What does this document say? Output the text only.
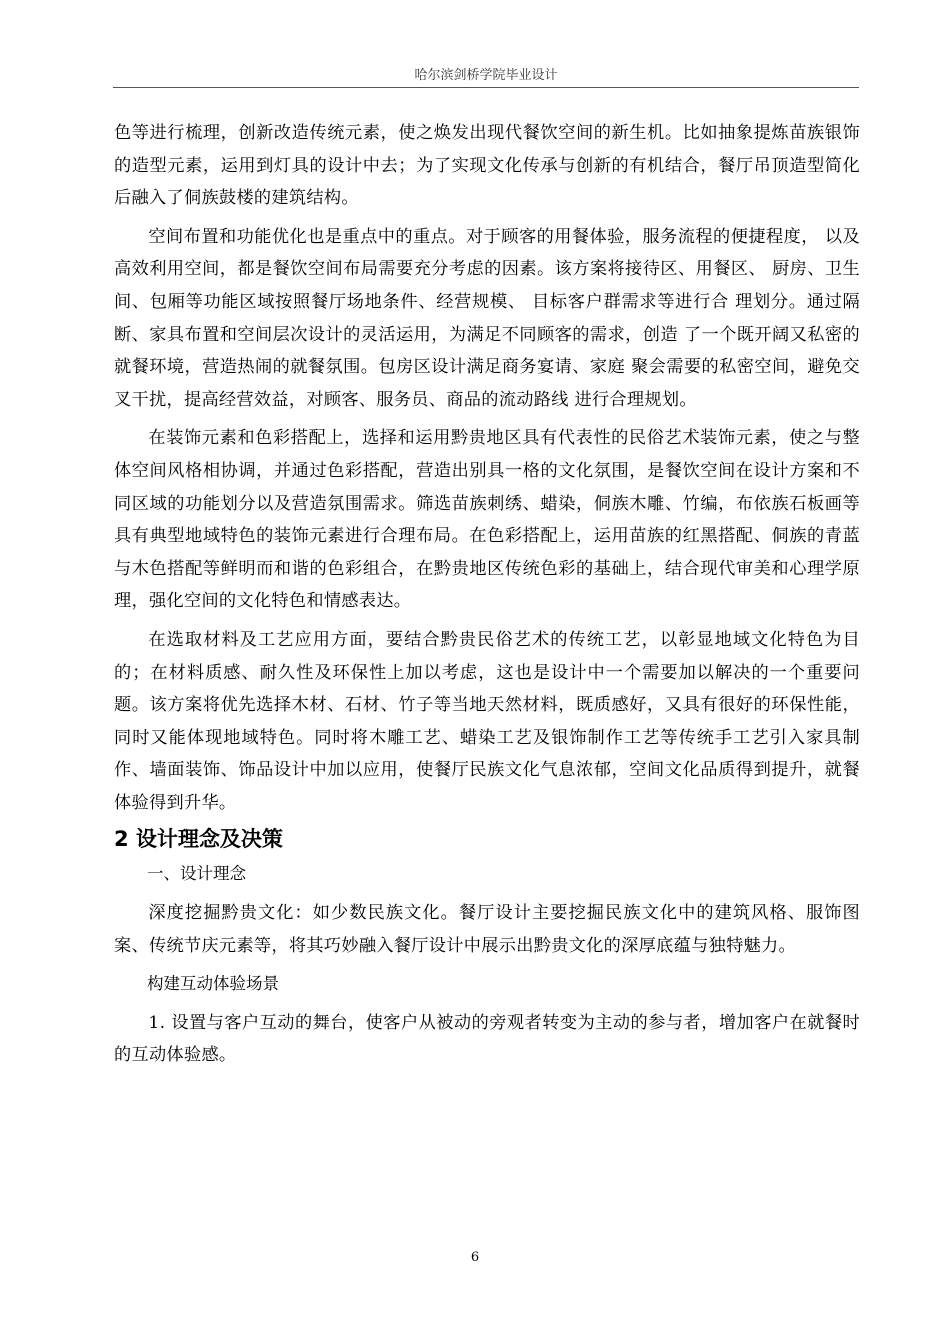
哈尔滨剑桥学院毕业设计

色等进行梳理，创新改造传统元素，使之焕发出现代餐饮空间的新生机。比如抽象提炼苗族银饰的造型元素，运用到灯具的设计中去；为了实现文化传承与创新的有机结合，餐厅吊顶造型简化后融入了侗族鼓楼的建筑结构。

空间布置和功能优化也是重点中的重点。对于顾客的用餐体验，服务流程的便捷程度， 以及高效利用空间，都是餐饮空间布局需要充分考虑的因素。该方案将接待区、用餐区、 厨房、卫生间、包厢等功能区域按照餐厅场地条件、经营规模、 目标客户群需求等进行合 理划分。通过隔断、家具布置和空间层次设计的灵活运用，为满足不同顾客的需求，创造 了一个既开阔又私密的就餐环境，营造热闹的就餐氛围。包房区设计满足商务宴请、家庭 聚会需要的私密空间，避免交叉干扰，提高经营效益，对顾客、服务员、商品的流动路线 进行合理规划。

在装饰元素和色彩搭配上，选择和运用黔贵地区具有代表性的民俗艺术装饰元素，使之与整体空间风格相协调，并通过色彩搭配，营造出别具一格的文化氛围，是餐饮空间在设计方案和不同区域的功能划分以及营造氛围需求。筛选苗族刺绣、蜡染，侗族木雕、竹编，布依族石板画等具有典型地域特色的装饰元素进行合理布局。在色彩搭配上，运用苗族的红黑搭配、侗族的青蓝与木色搭配等鲜明而和谐的色彩组合，在黔贵地区传统色彩的基础上，结合现代审美和心理学原理，强化空间的文化特色和情感表达。

在选取材料及工艺应用方面，要结合黔贵民俗艺术的传统工艺，以彰显地域文化特色为目的；在材料质感、耐久性及环保性上加以考虑，这也是设计中一个需要加以解决的一个重要问题。该方案将优先选择木材、石材、竹子等当地天然材料，既质感好，又具有很好的环保性能，同时又能体现地域特色。同时将木雕工艺、蜡染工艺及银饰制作工艺等传统手工艺引入家具制作、墙面装饰、饰品设计中加以应用，使餐厅民族文化气息浓郁，空间文化品质得到提升，就餐体验得到升华。

2 设计理念及决策

一、设计理念

深度挖掘黔贵文化：如少数民族文化。餐厅设计主要挖掘民族文化中的建筑风格、服饰图案、传统节庆元素等，将其巧妙融入餐厅设计中展示出黔贵文化的深厚底蕴与独特魅力。

构建互动体验场景

1. 设置与客户互动的舞台，使客户从被动的旁观者转变为主动的参与者，增加客户在就餐时的互动体验感。

6
